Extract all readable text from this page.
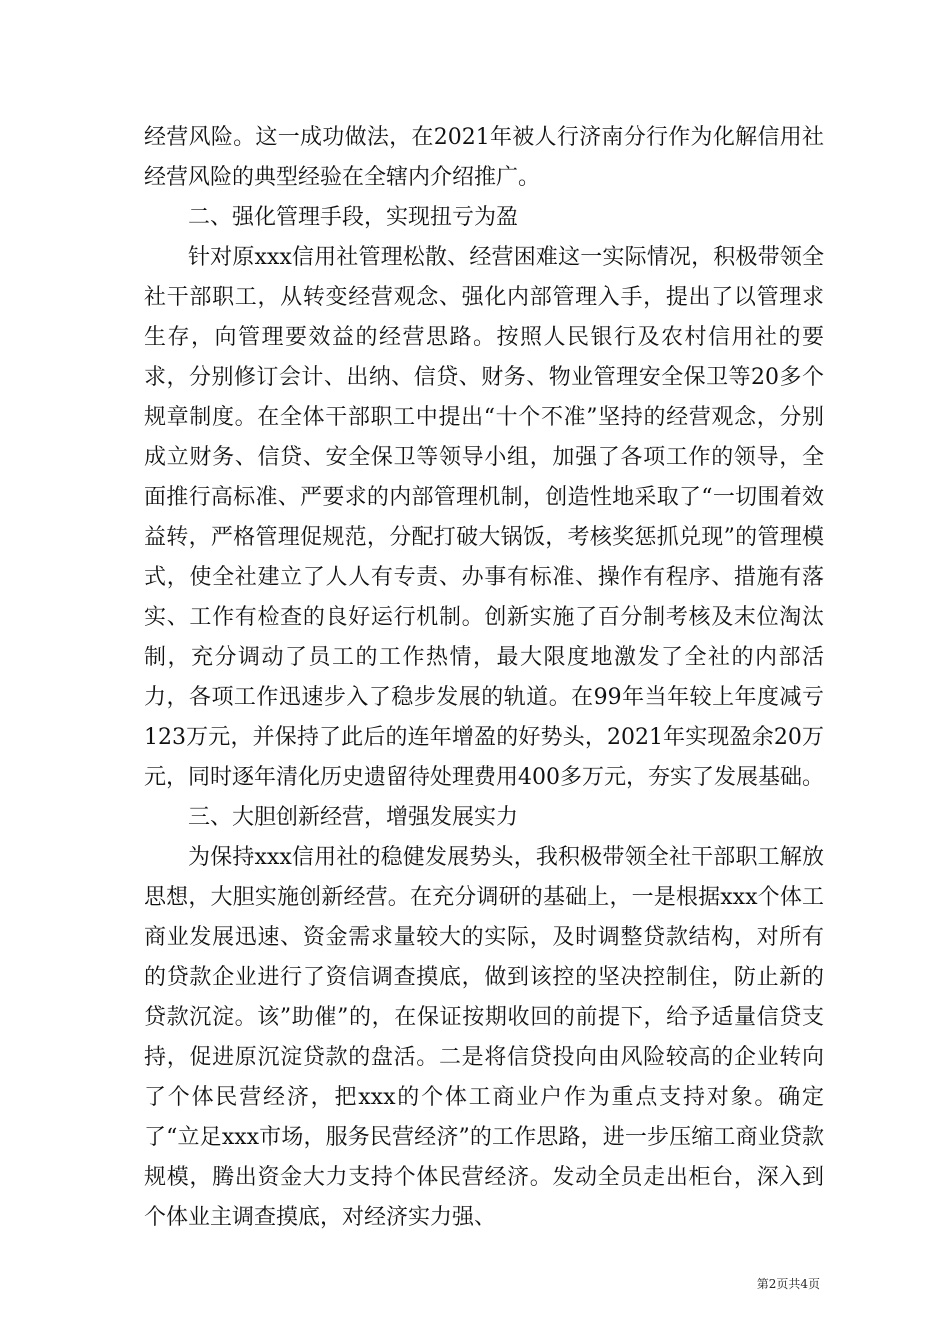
经营风险。这一成功做法，在2021年被人行济南分行作为化解信用社经营风险的典型经验在全辖内介绍推广。

二、强化管理手段，实现扭亏为盈

针对原xxx信用社管理松散、经营困难这一实际情况，积极带领全社干部职工，从转变经营观念、强化内部管理入手，提出了以管理求生存，向管理要效益的经营思路。按照人民银行及农村信用社的要求，分别修订会计、出纳、信贷、财务、物业管理安全保卫等20多个规章制度。在全体干部职工中提出“十个不准”坚持的经营观念，分别成立财务、信贷、安全保卫等领导小组，加强了各项工作的领导，全面推行高标准、严要求的内部管理机制，创造性地采取了“一切围着效益转，严格管理促规范，分配打破大锅饭，考核奖惩抓兑现”的管理模式，使全社建立了人人有专责、办事有标准、操作有程序、措施有落实、工作有检查的良好运行机制。创新实施了百分制考核及末位淘汰制，充分调动了员工的工作热情，最大限度地激发了全社的内部活力，各项工作迅速步入了稳步发展的轨道。在99年当年较上年度减亏123万元，并保持了此后的连年增盈的好势头，2021年实现盈余20万元，同时逐年清化历史遗留待处理费用400多万元，夯实了发展基础。

三、大胆创新经营，增强发展实力

为保持xxx信用社的稳健发展势头，我积极带领全社干部职工解放思想，大胆实施创新经营。在充分调研的基础上，一是根据xxx个体工商业发展迅速、资金需求量较大的实际，及时调整贷款结构，对所有的贷款企业进行了资信调查摸底，做到该控的坚决控制住，防止新的贷款沉淀。该”助催”的，在保证按期收回的前提下，给予适量信贷支持，促进原沉淀贷款的盘活。二是将信贷投向由风险较高的企业转向了个体民营经济，把xxx的个体工商业户作为重点支持对象。确定了“立足xxx市场，服务民营经济”的工作思路，进一步压缩工商业贷款规模，腾出资金大力支持个体民营经济。发动全员走出柜台，深入到个体业主调查摸底，对经济实力强、

第2页共4页
